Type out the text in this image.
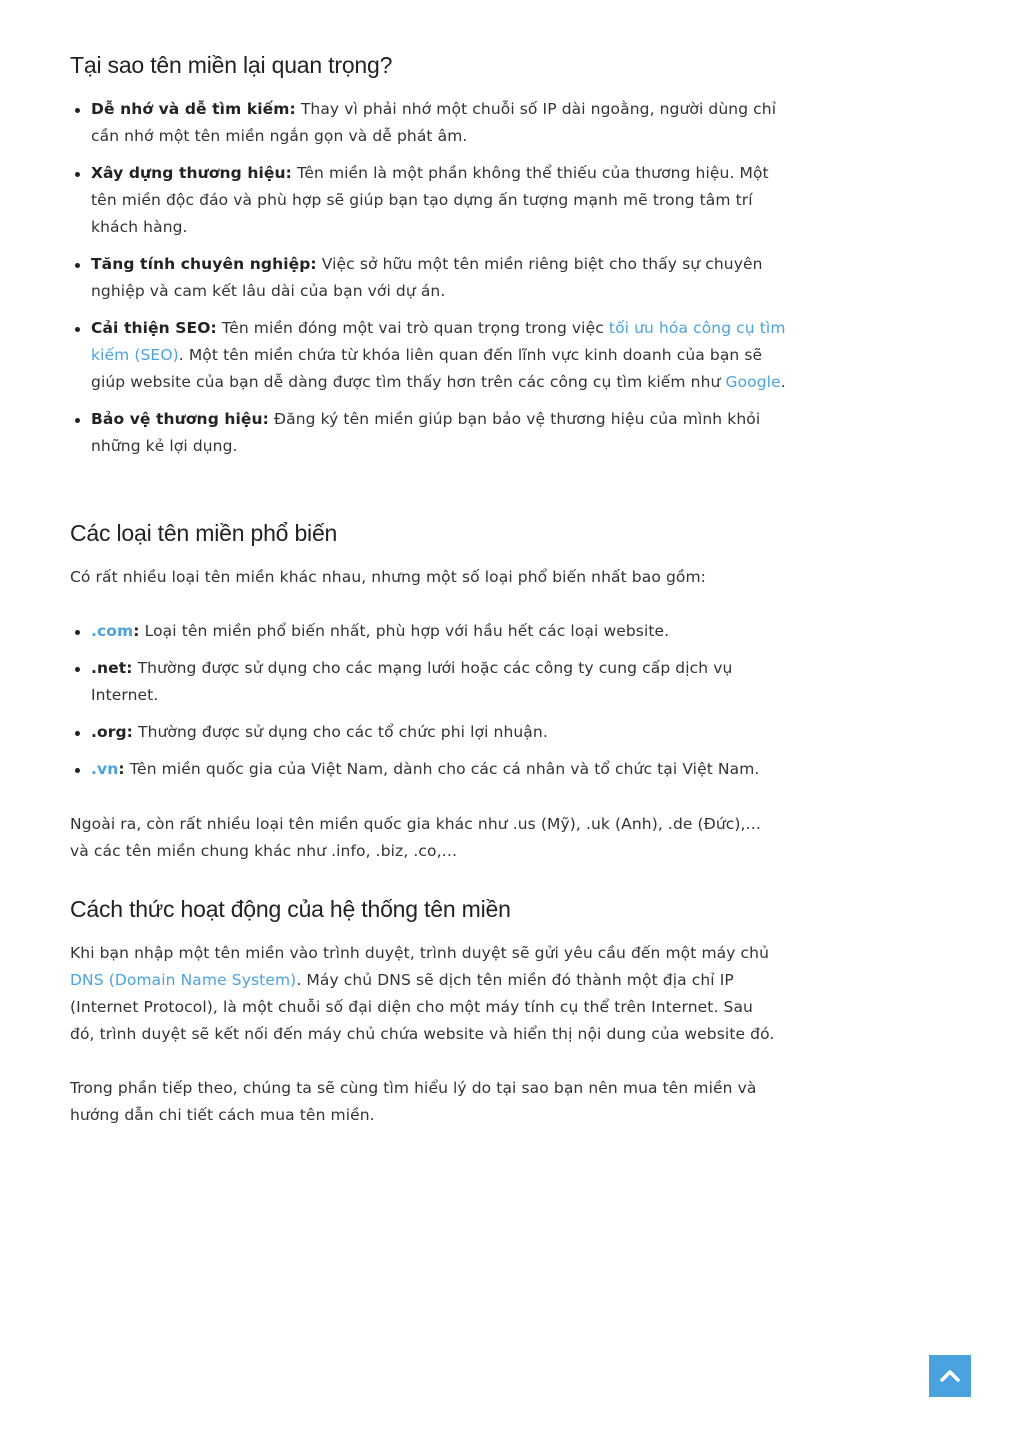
Tại sao tên miền lại quan trọng?
Dễ nhớ và dễ tìm kiếm: Thay vì phải nhớ một chuỗi số IP dài ngoằng, người dùng chỉ cần nhớ một tên miền ngắn gọn và dễ phát âm.
Xây dựng thương hiệu: Tên miền là một phần không thể thiếu của thương hiệu. Một tên miền độc đáo và phù hợp sẽ giúp bạn tạo dựng ấn tượng mạnh mẽ trong tâm trí khách hàng.
Tăng tính chuyên nghiệp: Việc sở hữu một tên miền riêng biệt cho thấy sự chuyên nghiệp và cam kết lâu dài của bạn với dự án.
Cải thiện SEO: Tên miền đóng một vai trò quan trọng trong việc tối ưu hóa công cụ tìm kiếm (SEO). Một tên miền chứa từ khóa liên quan đến lĩnh vực kinh doanh của bạn sẽ giúp website của bạn dễ dàng được tìm thấy hơn trên các công cụ tìm kiếm như Google.
Bảo vệ thương hiệu: Đăng ký tên miền giúp bạn bảo vệ thương hiệu của mình khỏi những kẻ lợi dụng.
Các loại tên miền phổ biến

Có rất nhiều loại tên miền khác nhau, nhưng một số loại phổ biến nhất bao gồm:

.com: Loại tên miền phổ biến nhất, phù hợp với hầu hết các loại website.
.net: Thường được sử dụng cho các mạng lưới hoặc các công ty cung cấp dịch vụ Internet.
.org: Thường được sử dụng cho các tổ chức phi lợi nhuận.
.vn: Tên miền quốc gia của Việt Nam, dành cho các cá nhân và tổ chức tại Việt Nam.

Ngoài ra, còn rất nhiều loại tên miền quốc gia khác như .us (Mỹ), .uk (Anh), .de (Đức),… và các tên miền chung khác như .info, .biz, .co,…

Cách thức hoạt động của hệ thống tên miền

Khi bạn nhập một tên miền vào trình duyệt, trình duyệt sẽ gửi yêu cầu đến một máy chủ DNS (Domain Name System). Máy chủ DNS sẽ dịch tên miền đó thành một địa chỉ IP (Internet Protocol), là một chuỗi số đại diện cho một máy tính cụ thể trên Internet. Sau đó, trình duyệt sẽ kết nối đến máy chủ chứa website và hiển thị nội dung của website đó.

Trong phần tiếp theo, chúng ta sẽ cùng tìm hiểu lý do tại sao bạn nên mua tên miền và hướng dẫn chi tiết cách mua tên miền.
